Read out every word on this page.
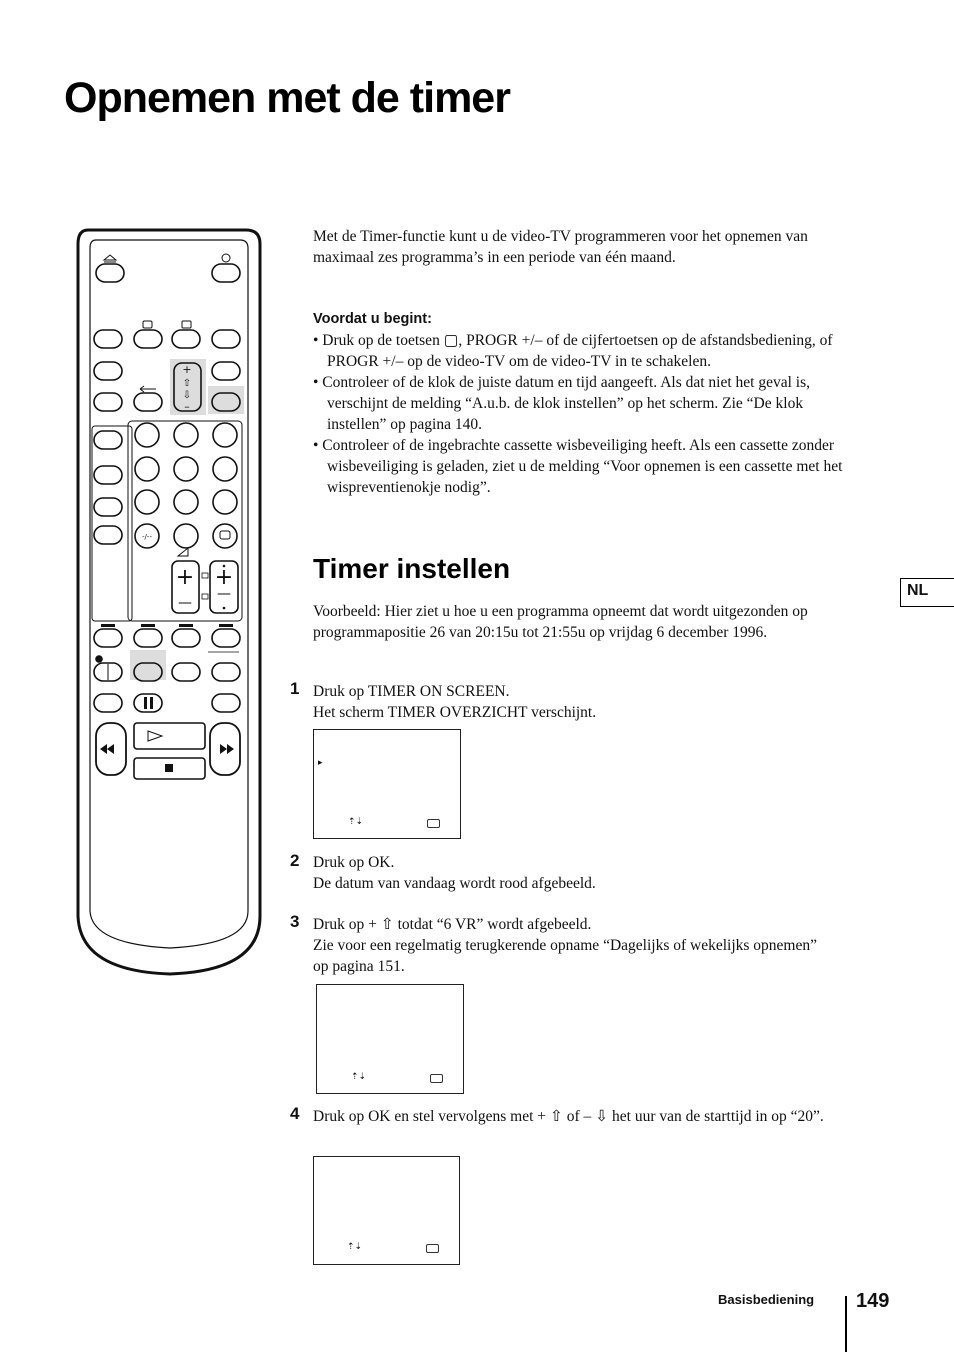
Opnemen met de timer
+
⇧
⇩
–
+
—
+
—
-/--
Met de Timer-functie kunt u de video-TV programmeren voor het opnemen van maximaal zes programma’s in een periode van één maand.
Voordat u begint:
• Druk op de toetsen ▢, PROGR +/– of de cijfertoetsen op de afstandsbediening, of PROGR +/– op de video-TV om de video-TV in te schakelen.
• Controleer of de klok de juiste datum en tijd aangeeft. Als dat niet het geval is, verschijnt de melding “A.u.b. de klok instellen” op het scherm. Zie “De klok instellen” op pagina 140.
• Controleer of de ingebrachte cassette wisbeveiliging heeft. Als een cassette zonder wisbeveiliging is geladen, ziet u de melding “Voor opnemen is een cassette met het wispreventienokje nodig”.
Timer instellen
NL
Voorbeeld: Hier ziet u hoe u een programma opneemt dat wordt uitgezonden op programmapositie 26 van 20:15u tot 21:55u op vrijdag 6 december 1996.
1 Druk op TIMER ON SCREEN.
Het scherm TIMER OVERZICHT verschijnt.
▸
⇡⇣
2 Druk op OK.
De datum van vandaag wordt rood afgebeeld.
3 Druk op + ⇧ totdat “6 VR” wordt afgebeeld.
Zie voor een regelmatig terugkerende opname “Dagelijks of wekelijks opnemen” op pagina 151.
⇡⇣
4 Druk op OK en stel vervolgens met + ⇧ of – ⇩ het uur van de starttijd in op “20”.
⇡⇣
Basisbediening 149
